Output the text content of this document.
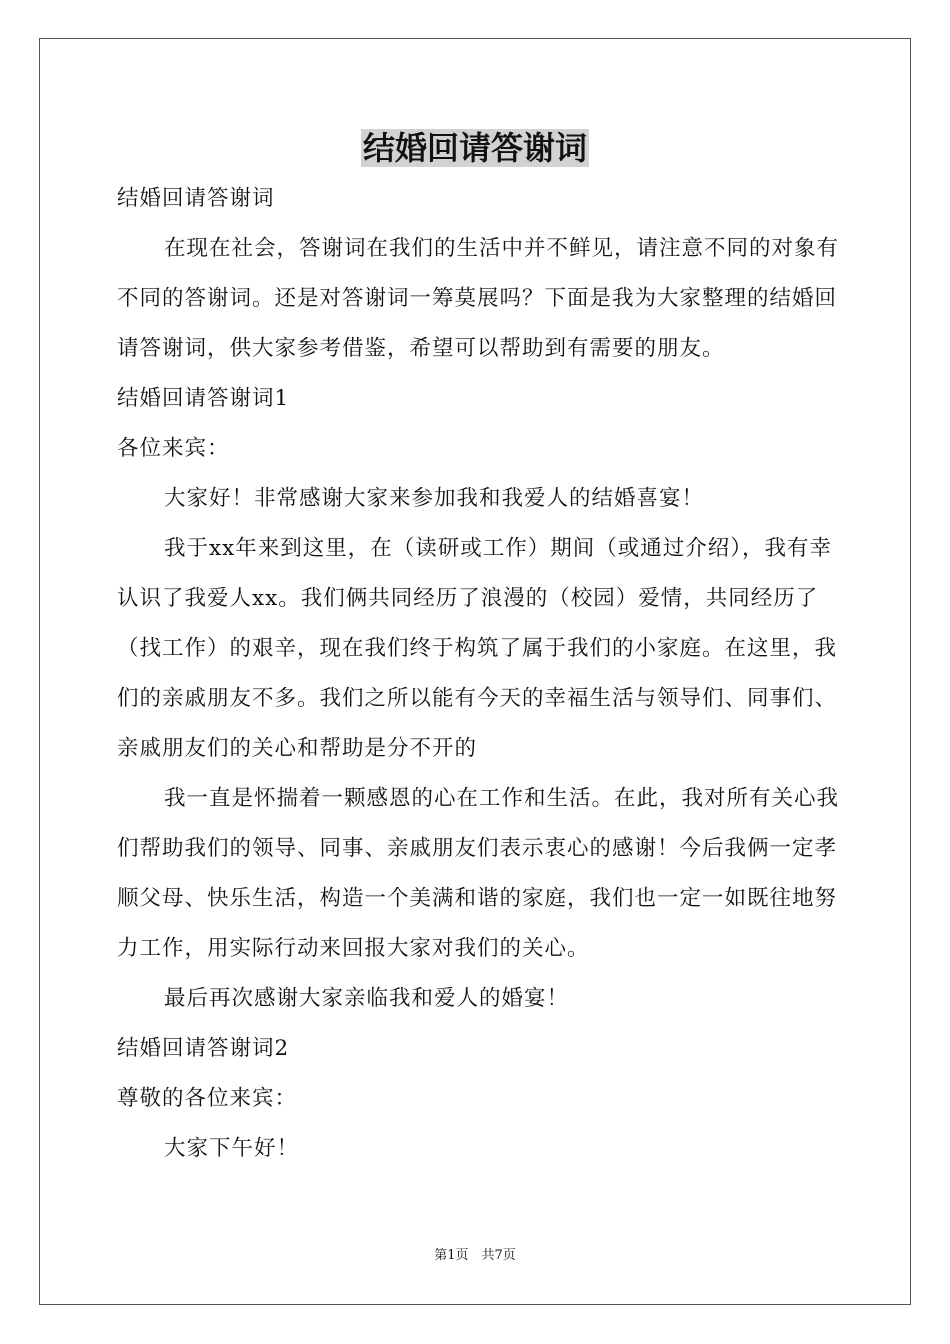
结婚回请答谢词

结婚回请答谢词

在现在社会，答谢词在我们的生活中并不鲜见，请注意不同的对象有不同的答谢词。还是对答谢词一筹莫展吗？下面是我为大家整理的结婚回请答谢词，供大家参考借鉴，希望可以帮助到有需要的朋友。

结婚回请答谢词1

各位来宾：

大家好！非常感谢大家来参加我和我爱人的结婚喜宴！

我于xx年来到这里，在（读研或工作）期间（或通过介绍），我有幸认识了我爱人xx。我们俩共同经历了浪漫的（校园）爱情，共同经历了（找工作）的艰辛，现在我们终于构筑了属于我们的小家庭。在这里，我们的亲戚朋友不多。我们之所以能有今天的幸福生活与领导们、同事们、亲戚朋友们的关心和帮助是分不开的

我一直是怀揣着一颗感恩的心在工作和生活。在此，我对所有关心我们帮助我们的领导、同事、亲戚朋友们表示衷心的感谢！今后我俩一定孝顺父母、快乐生活，构造一个美满和谐的家庭，我们也一定一如既往地努力工作，用实际行动来回报大家对我们的关心。

最后再次感谢大家亲临我和爱人的婚宴！

结婚回请答谢词2

尊敬的各位来宾：

大家下午好！

第1页　共7页
